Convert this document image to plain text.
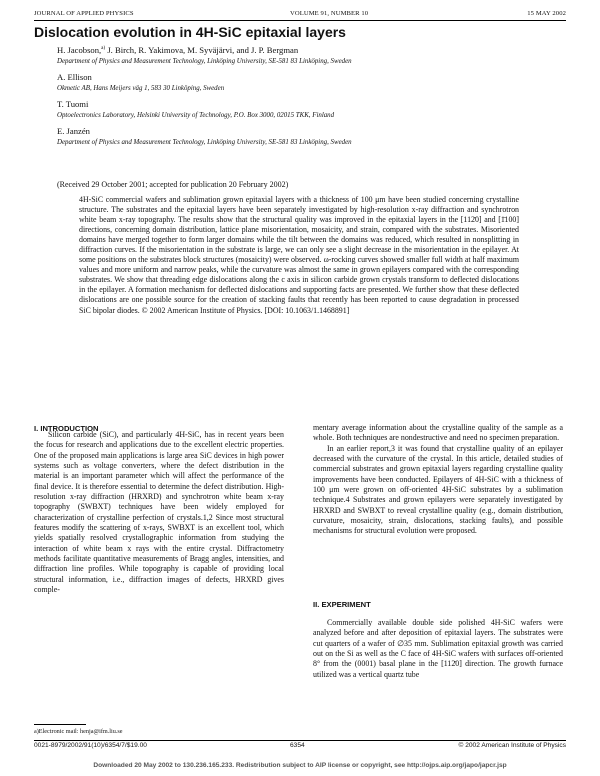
JOURNAL OF APPLIED PHYSICS	VOLUME 91, NUMBER 10	15 MAY 2002
Dislocation evolution in 4H-SiC epitaxial layers
H. Jacobson,$^{a)}$ J. Birch, R. Yakimova, M. Syväjärvi, and J. P. Bergman
Department of Physics and Measurement Technology, Linköping University, SE-581 83 Linköping, Sweden
A. Ellison
Okmetic AB, Hans Meijers väg 1, 583 30 Linköping, Sweden
T. Tuomi
Optoelectronics Laboratory, Helsinki University of Technology, P.O. Box 3000, 02015 TKK, Finland
E. Janzén
Department of Physics and Measurement Technology, Linköping University, SE-581 83 Linköping, Sweden
(Received 29 October 2001; accepted for publication 20 February 2002)

4H-SiC commercial wafers and sublimation grown epitaxial layers with a thickness of 100 μm have been studied concerning crystalline structure. The substrates and the epitaxial layers have been separately investigated by high-resolution x-ray diffraction and synchrotron white beam x-ray topography. The results show that the structural quality was improved in the epitaxial layers in the [112̄0] and [1̄100] directions, concerning domain distribution, lattice plane misorientation, mosaicity, and strain, compared with the substrates. Misoriented domains have merged together to form larger domains while the tilt between the domains was reduced, which resulted in nonsplitting in diffraction curves. If the misorientation in the substrate is large, we can only see a slight decrease in the misorientation in the epilayer. At some positions on the substrates block structures (mosaicity) were observed. ω-rocking curves showed smaller full width at half maximum values and more uniform and narrow peaks, while the curvature was almost the same in grown epilayers compared with the corresponding substrates. We show that threading edge dislocations along the c axis in silicon carbide grown crystals transform to deflected dislocations in the epilayer. A formation mechanism for deflected dislocations and supporting facts are presented. We further show that these deflected dislocations are one possible source for the creation of stacking faults that recently has been reported to cause degradation in processed SiC bipolar diodes. © 2002 American Institute of Physics. [DOI: 10.1063/1.1468891]

I. INTRODUCTION

Silicon carbide (SiC), and particularly 4H-SiC, has in recent years been the focus for research and applications due to the excellent electric properties. One of the proposed main applications is large area SiC devices in high power systems such as voltage converters, where the defect distribution in the material is an important parameter which will affect the performance of the final device. It is therefore essential to determine the defect distribution. High-resolution x-ray diffraction (HRXRD) and synchrotron white beam x-ray topography (SWBXT) techniques have been widely employed for characterization of crystalline perfection of crystals.1,2 Since most structural features modify the scattering of x-rays, SWBXT is an excellent tool, which yields spatially resolved crystallographic information from studying the interaction of white beam x rays with the entire crystal. Diffractometry methods facilitate quantitative measurements of Bragg angles, intensities, and diffraction line profiles. While topography is capable of providing local structural information, i.e., diffraction images of defects, HRXRD gives comple-

mentary average information about the crystalline quality of the sample as a whole. Both techniques are nondestructive and need no specimen preparation.

In an earlier report,3 it was found that crystalline quality of an epilayer decreased with the curvature of the crystal. In this article, detailed studies of commercial substrates and grown epitaxial layers regarding crystalline quality improvements have been conducted. Epilayers of 4H-SiC with a thickness of 100 μm were grown on off-oriented 4H-SiC substrates by a sublimation technique.4 Substrates and grown epilayers were separately investigated by HRXRD and SWBXT to reveal crystalline quality (e.g., domain distribution, curvature, mosaicity, strain, dislocations, stacking faults), and possible mechanisms for structural evolution were proposed.

II. EXPERIMENT

Commercially available double side polished 4H-SiC wafers were analyzed before and after deposition of epitaxial layers. The substrates were cut quarters of a wafer of ∅35 mm. Sublimation epitaxial growth was carried out on the Si as well as the C face of 4H-SiC wafers with surfaces off-oriented 8° from the (0001) basal plane in the [112̄0] direction. The growth furnace utilized was a vertical quartz tube

a)Electronic mail: henja@ifm.liu.se
0021-8979/2002/91(10)/6354/7/$19.00	6354	© 2002 American Institute of Physics
Downloaded 20 May 2002 to 130.236.165.233. Redistribution subject to AIP license or copyright, see http://ojps.aip.org/japo/japcr.jsp
